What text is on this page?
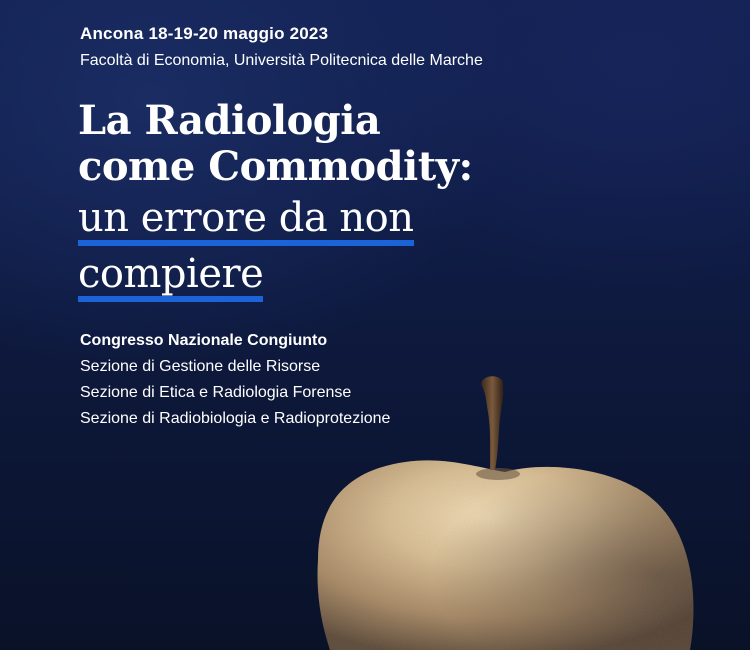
Ancona 18-19-20 maggio 2023
Facoltà di Economia, Università Politecnica delle Marche
La Radiologia
come Commodity:
un errore da non
compiere
Congresso Nazionale Congiunto
Sezione di Gestione delle Risorse
Sezione di Etica e Radiologia Forense
Sezione di Radiobiologia e Radioprotezione
